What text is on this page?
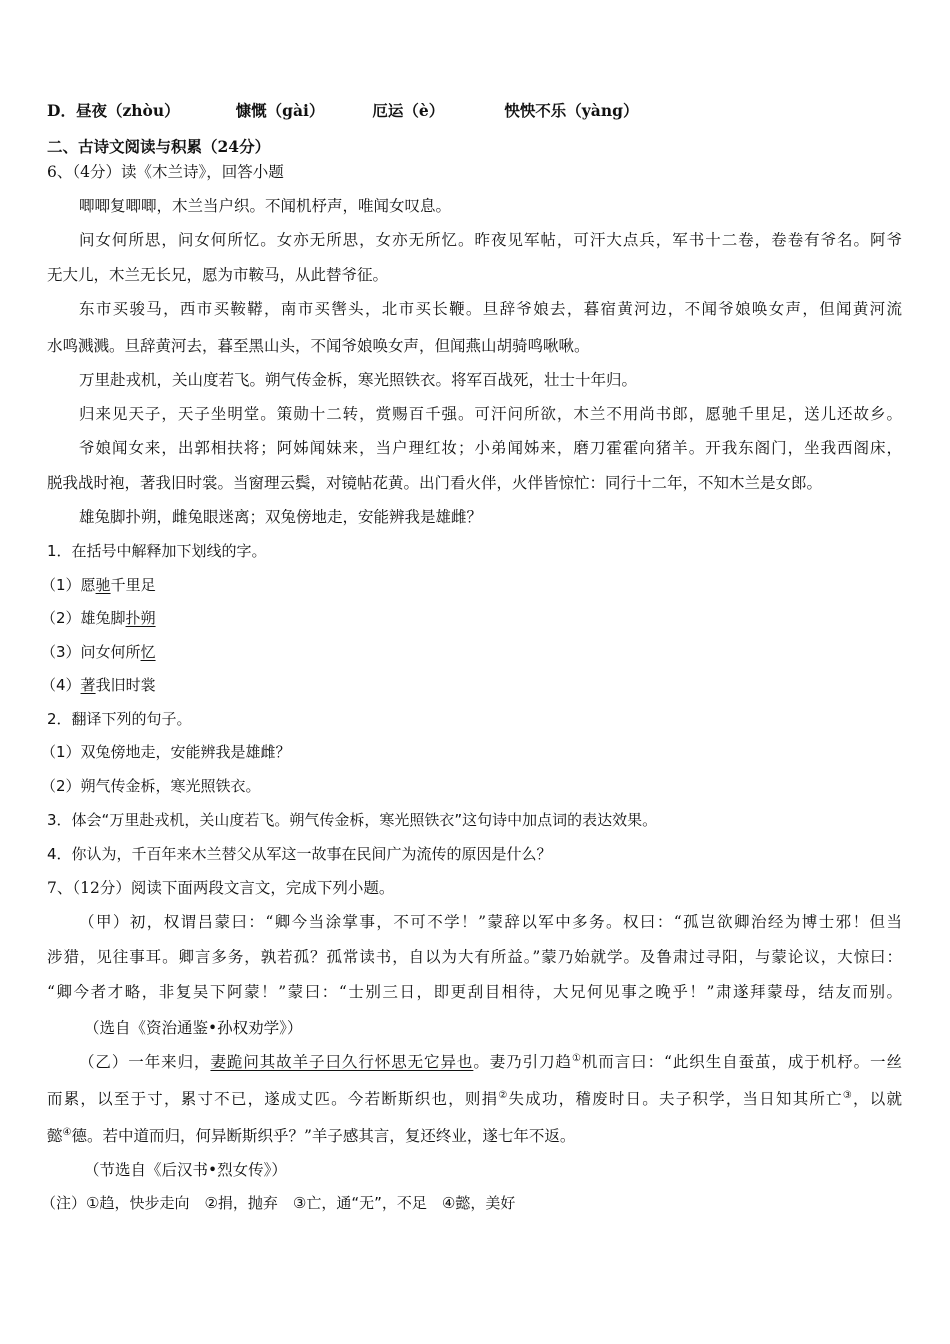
D．昼夜（zhòu）	慷慨（gài）	厄运（è）	怏怏不乐（yàng）
二、古诗文阅读与积累（24分）
6、（4分）读《木兰诗》，回答小题
唧唧复唧唧，木兰当户织。不闻机杼声，唯闻女叹息。
问女何所思，问女何所忆。女亦无所思，女亦无所忆。昨夜见军帖，可汗大点兵，军书十二卷，卷卷有爷名。阿爷
无大儿，木兰无长兄，愿为市鞍马，从此替爷征。
东市买骏马，西市买鞍鞯，南市买辔头，北市买长鞭。旦辞爷娘去，暮宿黄河边，不闻爷娘唤女声，但闻黄河流
水鸣溅溅。旦辞黄河去，暮至黑山头，不闻爷娘唤女声，但闻燕山胡骑鸣啾啾。
万里赴戎机，关山度若飞。朔气传金柝，寒光照铁衣。将军百战死，壮士十年归。
归来见天子，天子坐明堂。策勋十二转，赏赐百千强。可汗问所欲，木兰不用尚书郎，愿驰千里足，送儿还故乡。
爷娘闻女来，出郭相扶将；阿姊闻妹来，当户理红妆；小弟闻姊来，磨刀霍霍向猪羊。开我东阁门，坐我西阁床，
脱我战时袍，著我旧时裳。当窗理云鬓，对镜帖花黄。出门看火伴，火伴皆惊忙：同行十二年，不知木兰是女郎。
雄兔脚扑朔，雌兔眼迷离；双兔傍地走，安能辨我是雄雌？
1．在括号中解释加下划线的字。
（1）愿驰千里足
（2）雄兔脚扑朔
（3）问女何所忆
（4）著我旧时裳
2．翻译下列的句子。
（1）双兔傍地走，安能辨我是雄雌？
（2）朔气传金柝，寒光照铁衣。
3．体会“万里赴戎机，关山度若飞。朔气传金柝，寒光照铁衣”这句诗中加点词的表达效果。
4．你认为，千百年来木兰替父从军这一故事在民间广为流传的原因是什么？
7、（12分）阅读下面两段文言文，完成下列小题。
（甲）初，权谓吕蒙曰：“卿今当涂掌事，不可不学！”蒙辞以军中多务。权曰：“孤岂欲卿治经为博士邪！但当
涉猎，见往事耳。卿言多务，孰若孤？孤常读书，自以为大有所益。”蒙乃始就学。及鲁肃过寻阳，与蒙论议，大惊曰：
“卿今者才略，非复吴下阿蒙！”蒙曰：“士别三日，即更刮目相待，大兄何见事之晚乎！”肃遂拜蒙母，结友而别。
（选自《资治通鉴•孙权劝学》）
（乙）一年来归，妻跪问其故羊子曰久行怀思无它异也。妻乃引刀趋①机而言曰：“此织生自蚕茧，成于机杼。一丝
而累，以至于寸，累寸不已，遂成丈匹。今若断斯织也，则捐②失成功，稽废时日。夫子积学，当日知其所亡③，以就
懿④德。若中道而归，何异断斯织乎？”羊子感其言，复还终业，遂七年不返。
（节选自《后汉书•烈女传》）
（注）①趋，快步走向　②捐，抛弃　③亡，通“无”，不足　④懿，美好
